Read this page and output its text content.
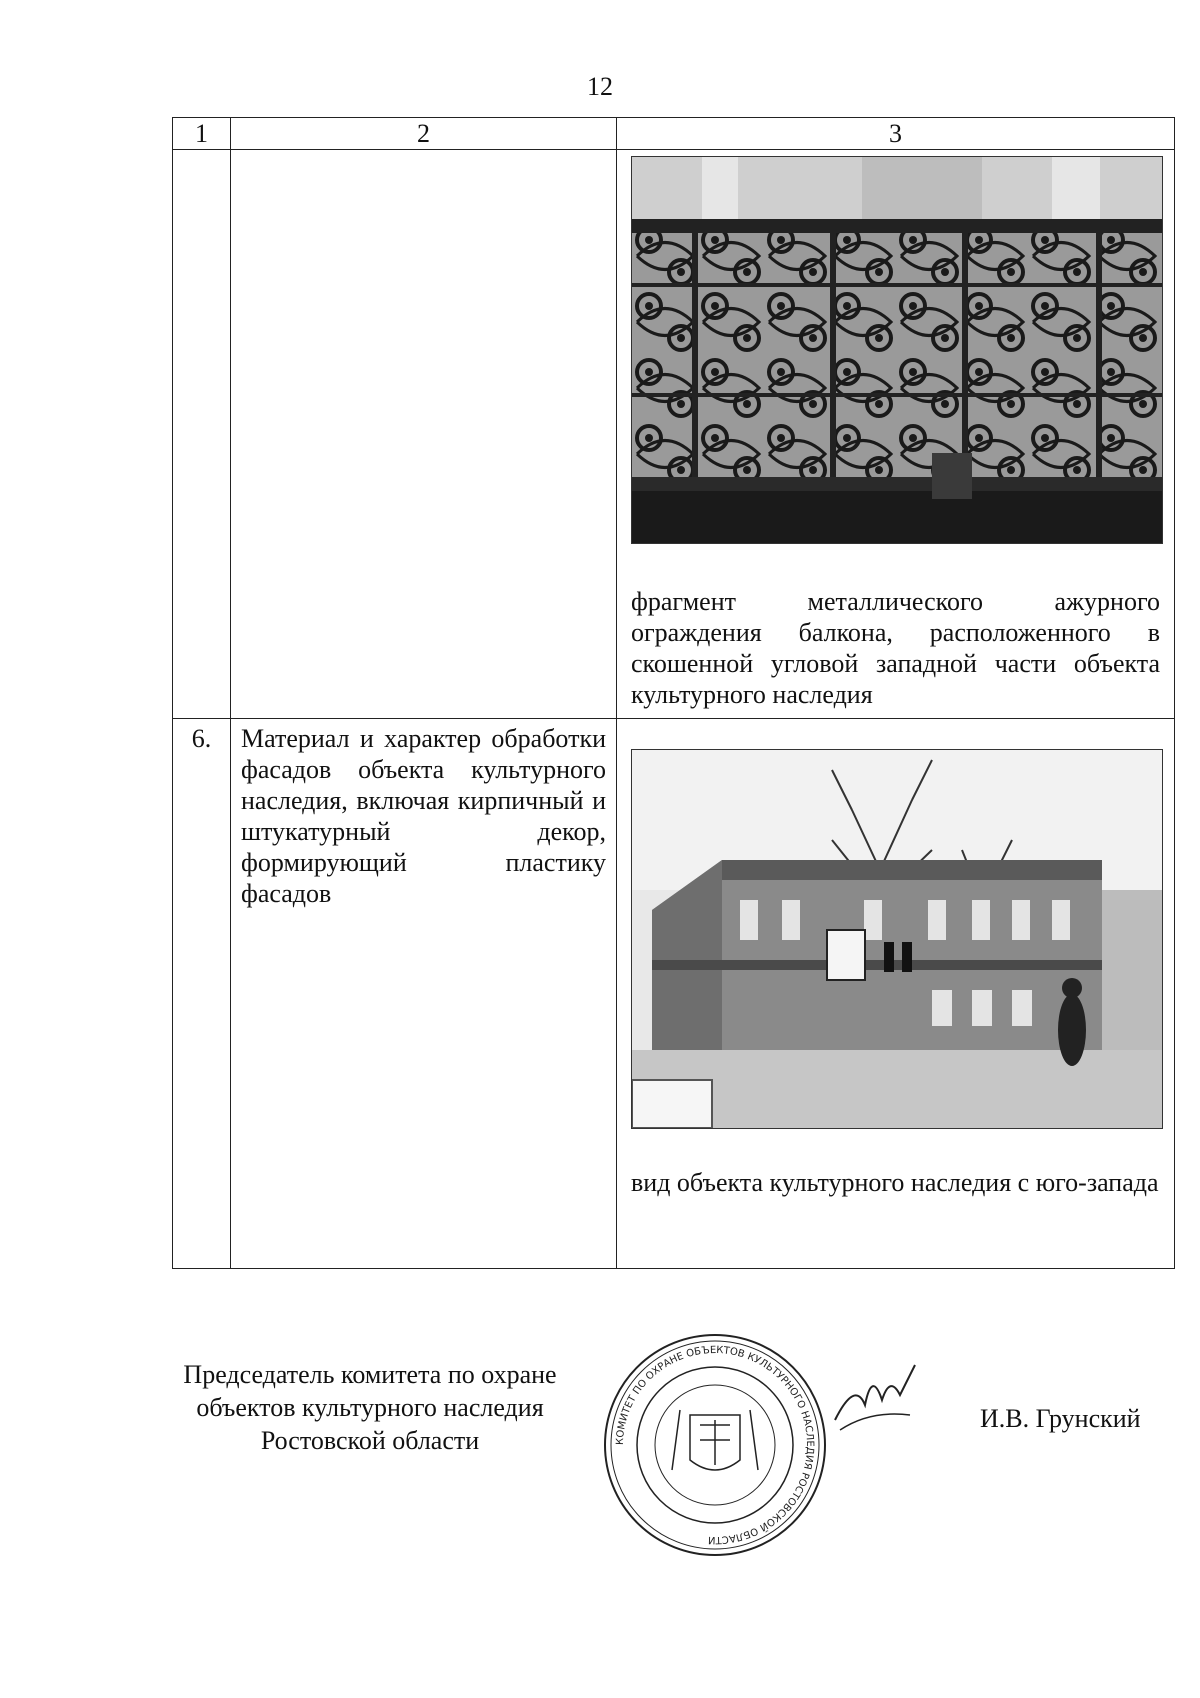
12
1	2	3

		фрагмент металлического ажурного ограждения балкона, расположенного в скошенной угловой западной части объекта культурного наследия

6.	Материал и характер обработки фасадов объекта культурного наследия, включая кирпичный и штукатурный декор, формирующий пластику фасадов	вид объекта культурного наследия с юго-запада
Председатель комитета по охране объектов культурного наследия Ростовской области	КОМИТЕТ ПО ОХРАНЕ ОБЪЕКТОВ КУЛЬТУРНОГО НАСЛЕДИЯ РОСТОВСКОЙ ОБЛАСТИ
И.В. Грунский
